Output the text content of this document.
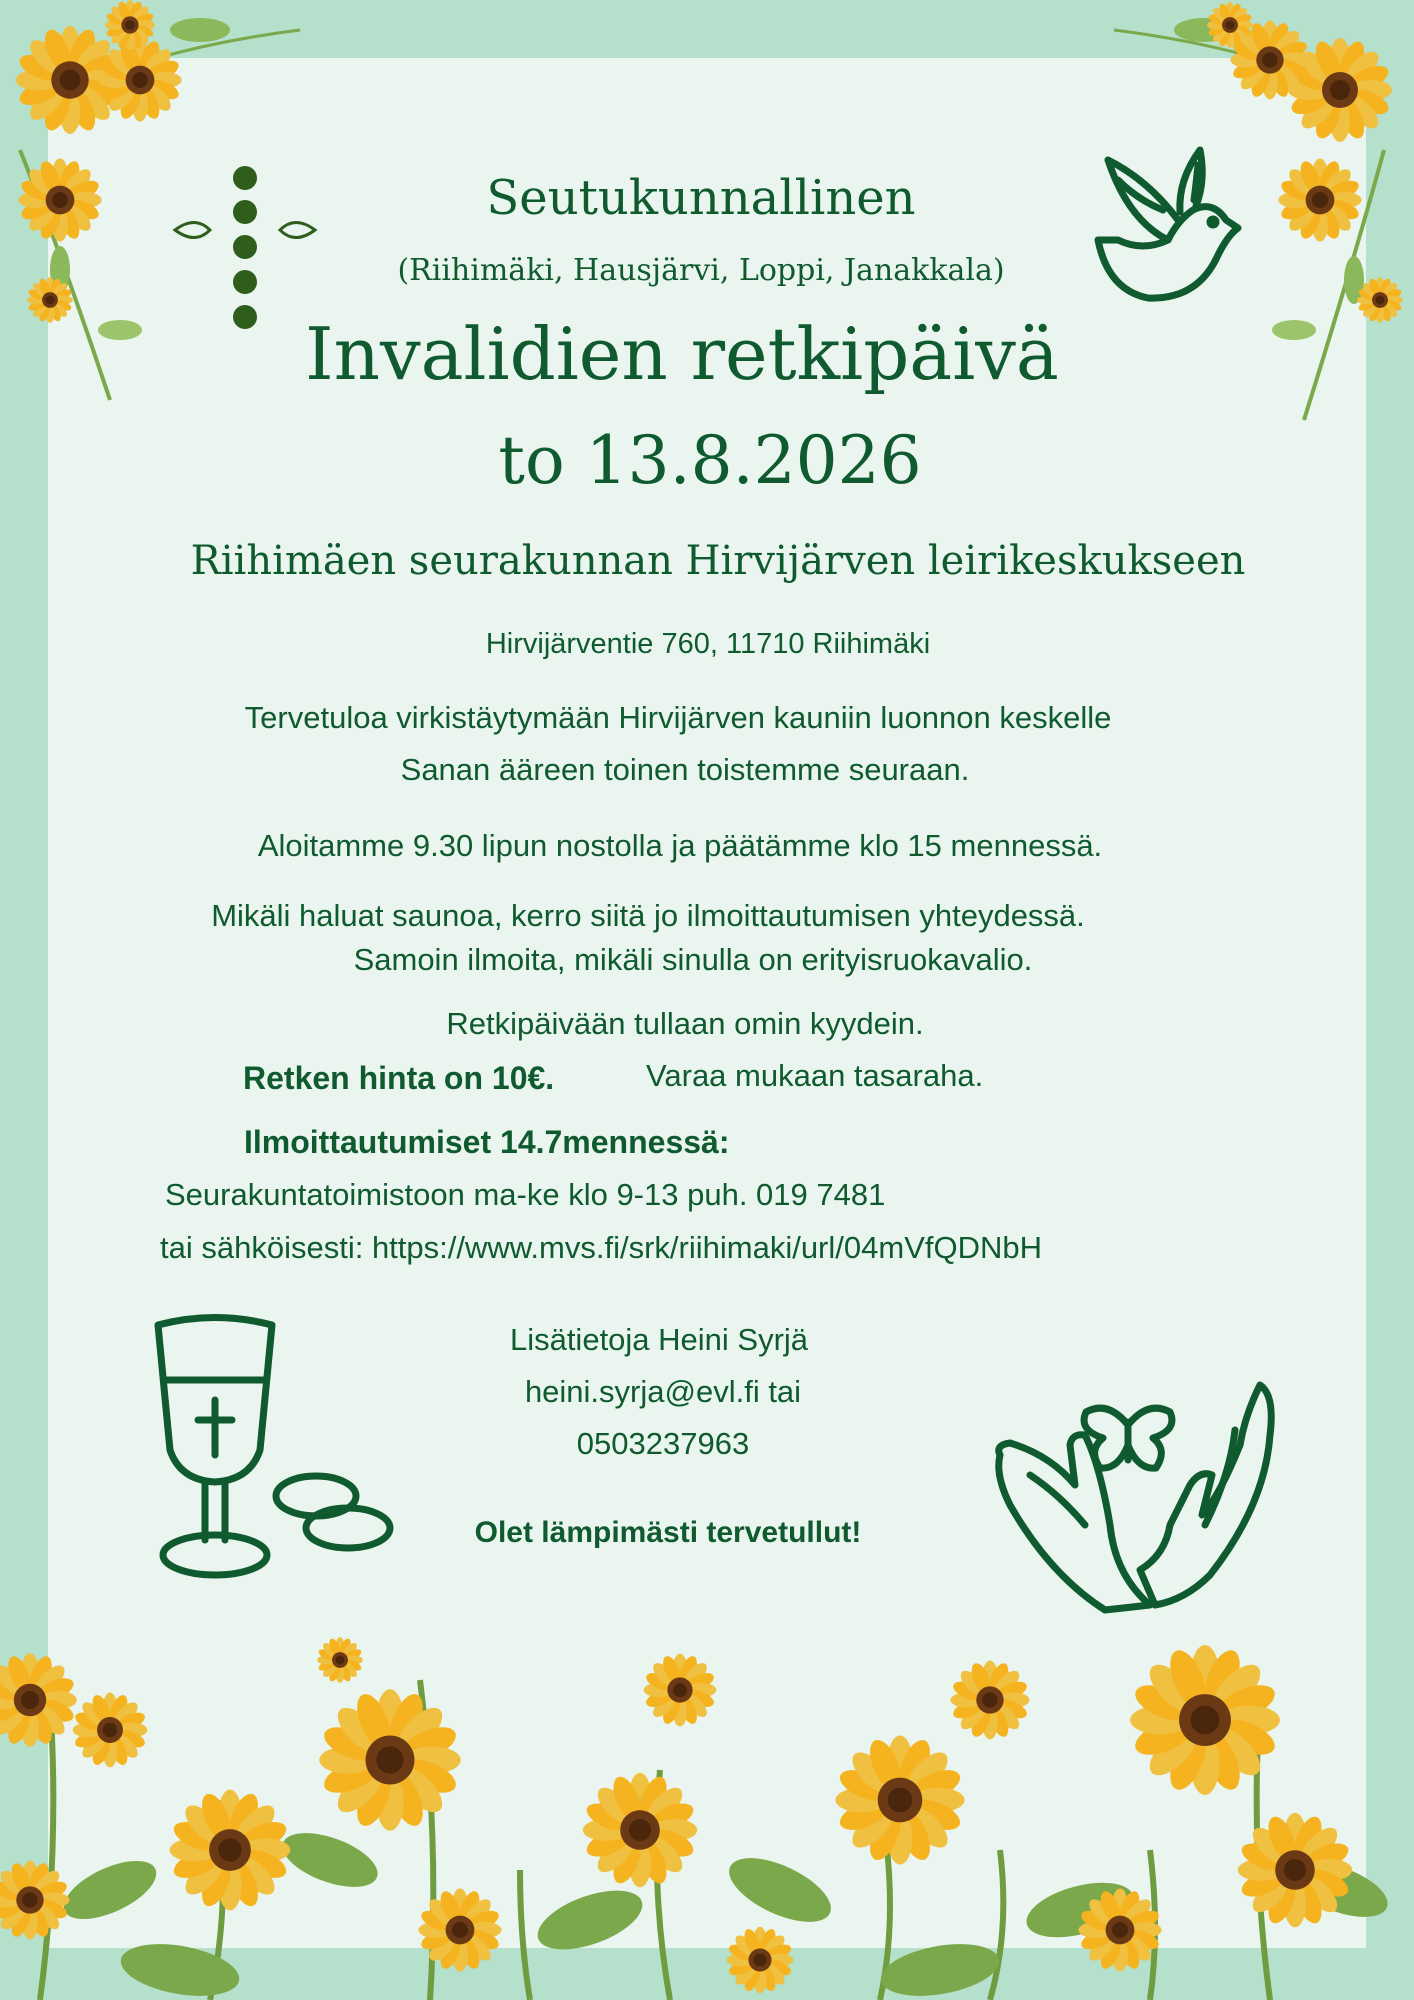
Seutukunnallinen
(Riihimäki, Hausjärvi, Loppi, Janakkala)
Invalidien retkipäivä
to 13.8.2026
Riihimäen seurakunnan Hirvijärven leirikeskukseen
Hirvijärventie 760, 11710 Riihimäki
Tervetuloa virkistäytymään Hirvijärven kauniin luonnon keskelle
Sanan ääreen toinen toistemme seuraan.
Aloitamme 9.30 lipun nostolla ja päätämme klo 15 mennessä.
Mikäli haluat saunoa, kerro siitä jo ilmoittautumisen yhteydessä.
Samoin ilmoita, mikäli sinulla on erityisruokavalio.
Retkipäivään tullaan omin kyydein.
Retken hinta on 10€.	Varaa mukaan tasaraha.
Ilmoittautumiset 14.7mennessä:
Seurakuntatoimistoon ma-ke klo 9-13 puh. 019 7481
tai sähköisesti: https://www.mvs.fi/srk/riihimaki/url/04mVfQDNbH
Lisätietoja Heini Syrjä
heini.syrja@evl.fi tai
0503237963
Olet lämpimästi tervetullut!
